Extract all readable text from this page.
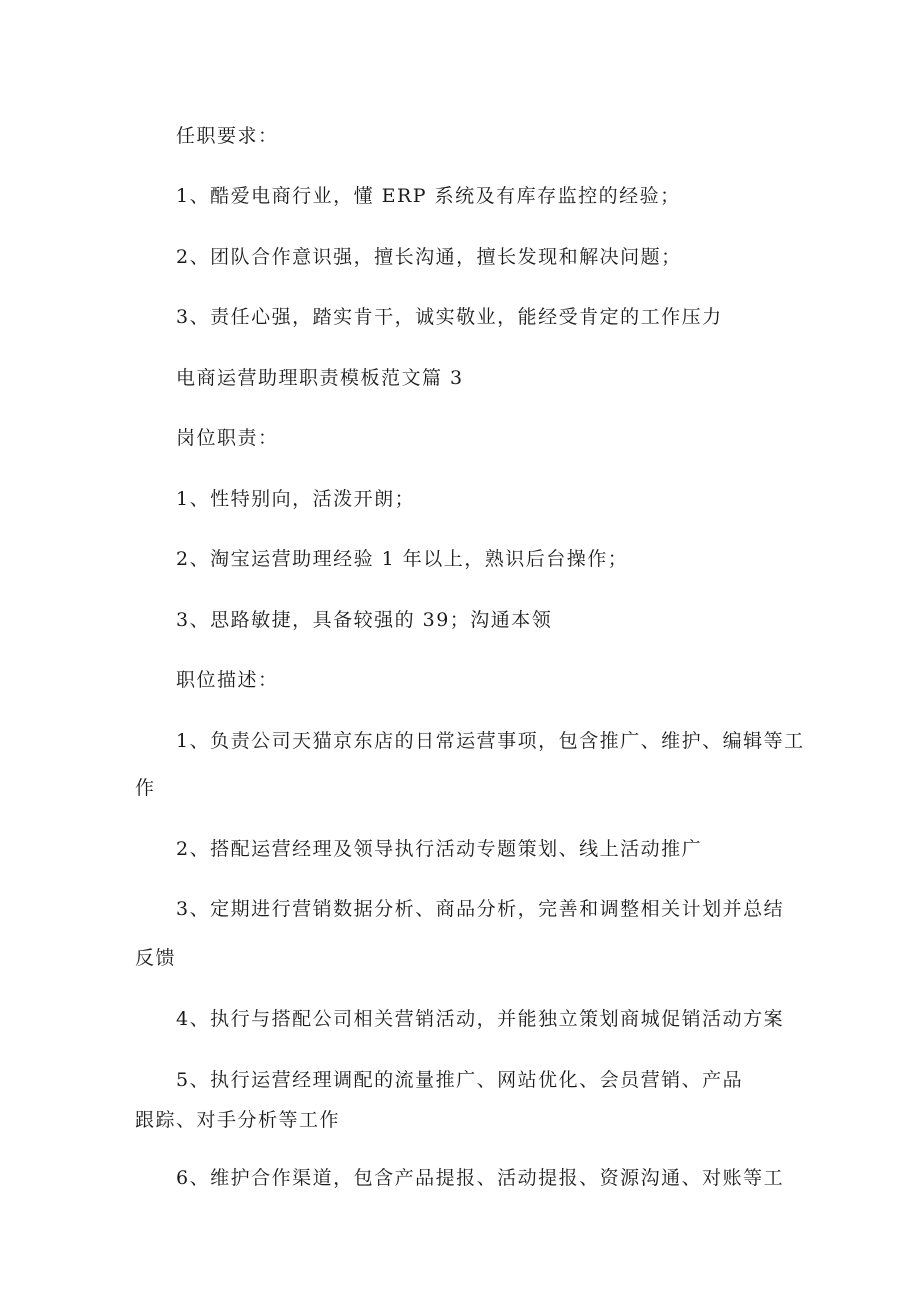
任职要求：
1、酷爱电商行业，懂 ERP 系统及有库存监控的经验；
2、团队合作意识强，擅长沟通，擅长发现和解决问题；
3、责任心强，踏实肯干，诚实敬业，能经受肯定的工作压力
电商运营助理职责模板范文篇 3
岗位职责：
1、性特别向，活泼开朗；
2、淘宝运营助理经验 1 年以上，熟识后台操作；
3、思路敏捷，具备较强的 39；沟通本领
职位描述：
1、负责公司天猫京东店的日常运营事项，包含推广、维护、编辑等工
作
2、搭配运营经理及领导执行活动专题策划、线上活动推广
3、定期进行营销数据分析、商品分析，完善和调整相关计划并总结
反馈
4、执行与搭配公司相关营销活动，并能独立策划商城促销活动方案
5、执行运营经理调配的流量推广、网站优化、会员营销、产品
跟踪、对手分析等工作
6、维护合作渠道，包含产品提报、活动提报、资源沟通、对账等工
